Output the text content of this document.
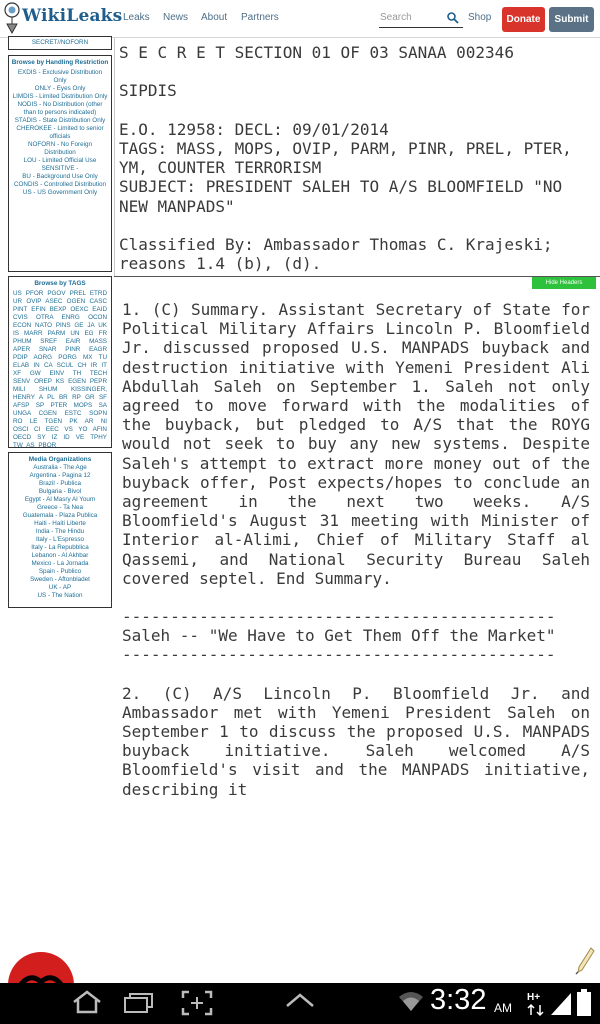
WikiLeaks Leaks News About Partners	Search	Shop	Donate	Submit
SECRET//NOFORN
Browse by Handling Restriction
EXDIS - Exclusive Distribution Only
ONLY - Eyes Only
LIMDIS - Limited Distribution Only
NODIS - No Distribution (other than to persons indicated)
STADIS - State Distribution Only
CHEROKEE - Limited to senior officials
NOFORN - No Foreign Distribution
LOU - Limited Official Use
SENSITIVE -
BU - Background Use Only
CONDIS - Controlled Distribution
US - US Government Only
Browse by TAGS
US PFOR PGOV PREL ETRD UR OVIP ASEC OGEN CASC PINT EFIN BEXP OEXC EAID CVIS OTRA ENRG OCON ECON NATO PINS GE JA UK IS MARR PARM UN EG FR PHUM SREF EAIR MASS APER SNAR PINR EAGR PDIP AORG PORG MX TU ELAB IN CA SCUL CH IR IT XF GW EINV TH TECH SENV OREP KS EGEN PEPR MILI SHUM KISSINGER, HENRY A PL BR RP GR SF AFSP SP PTER MOPS SA UNGA CGEN ESTC SOPN RO LE TGEN PK AR NI OSCI CI EEC VS YO AFIN OECD SY IZ ID VE TPHY TW AS PBOR
Media Organizations
Australia - The Age
Argentina - Pagina 12
Brazil - Publica
Bulgaria - Bivol
Egypt - Al Masry Al Youm
Greece - Ta Nea
Guatemala - Plaza Publica
Haiti - Haiti Liberte
India - The Hindu
Italy - L'Espresso
Italy - La Repubblica
Lebanon - Al Akhbar
Mexico - La Jornada
Spain - Publico
Sweden - Aftonbladet
UK - AP
US - The Nation
S E C R E T SECTION 01 OF 03 SANAA 002346

SIPDIS

E.O. 12958: DECL: 09/01/2014
TAGS: MASS, MOPS, OVIP, PARM, PINR, PREL, PTER, YM, COUNTER TERRORISM
SUBJECT: PRESIDENT SALEH TO A/S BLOOMFIELD "NO NEW MANPADS"

Classified By: Ambassador Thomas C. Krajeski; reasons 1.4 (b), (d).
Hide Headers
1. (C) Summary. Assistant Secretary of State for Political Military Affairs Lincoln P. Bloomfield Jr. discussed proposed U.S. MANPADS buyback and destruction initiative with Yemeni President Ali Abdullah Saleh on September 1. Saleh not only agreed to move forward with the modalities of the buyback, but pledged to A/S that the ROYG would not seek to buy any new systems. Despite Saleh's attempt to extract more money out of the buyback offer, Post expects/hopes to conclude an agreement in the next two weeks. A/S Bloomfield's August 31 meeting with Minister of Interior al-Alimi, Chief of Military Staff al Qassemi, and National Security Bureau Saleh covered septel. End Summary.
---------------------------------------------
Saleh -- "We Have to Get Them Off the Market"
---------------------------------------------
2. (C) A/S Lincoln P. Bloomfield Jr. and Ambassador met with Yemeni President Saleh on September 1 to discuss the proposed U.S. MANPADS buyback initiative. Saleh welcomed A/S Bloomfield's visit and the MANPADS initiative, describing it
3:32 AM
H+
